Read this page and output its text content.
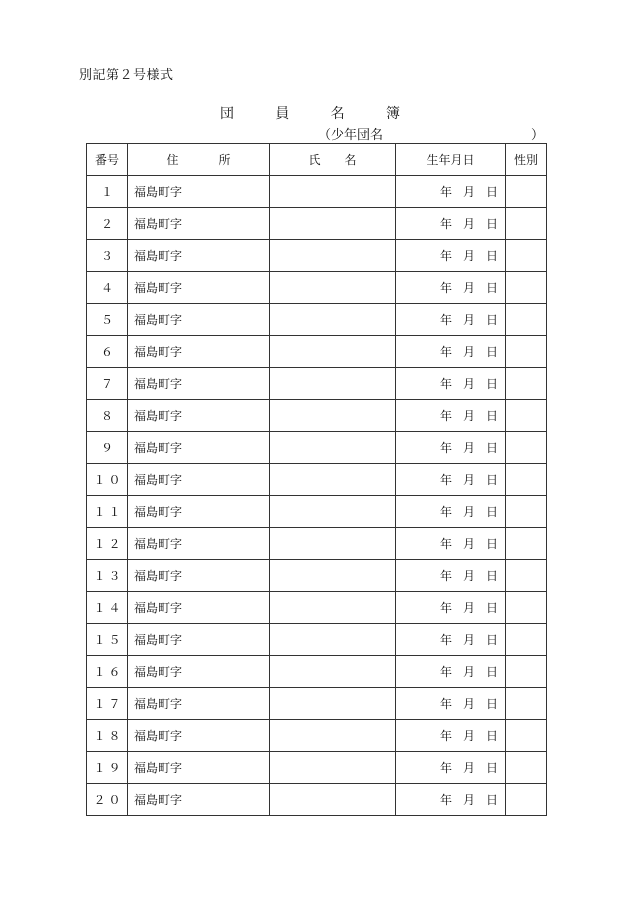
別記第２号様式
団	員	名	簿
（少年団名	）
番号	住 所	氏 名	生年月日	性別
１	福島町字		年 月 日	

２	福島町字		年 月 日	

３	福島町字		年 月 日	

４	福島町字		年 月 日	

５	福島町字		年 月 日	

６	福島町字		年 月 日	

７	福島町字		年 月 日	

８	福島町字		年 月 日	

９	福島町字		年 月 日	

１０	福島町字		年 月 日	

１１	福島町字		年 月 日	

１２	福島町字		年 月 日	

１３	福島町字		年 月 日	

１４	福島町字		年 月 日	

１５	福島町字		年 月 日	

１６	福島町字		年 月 日	

１７	福島町字		年 月 日	

１８	福島町字		年 月 日	

１９	福島町字		年 月 日	

２０	福島町字		年 月 日	
